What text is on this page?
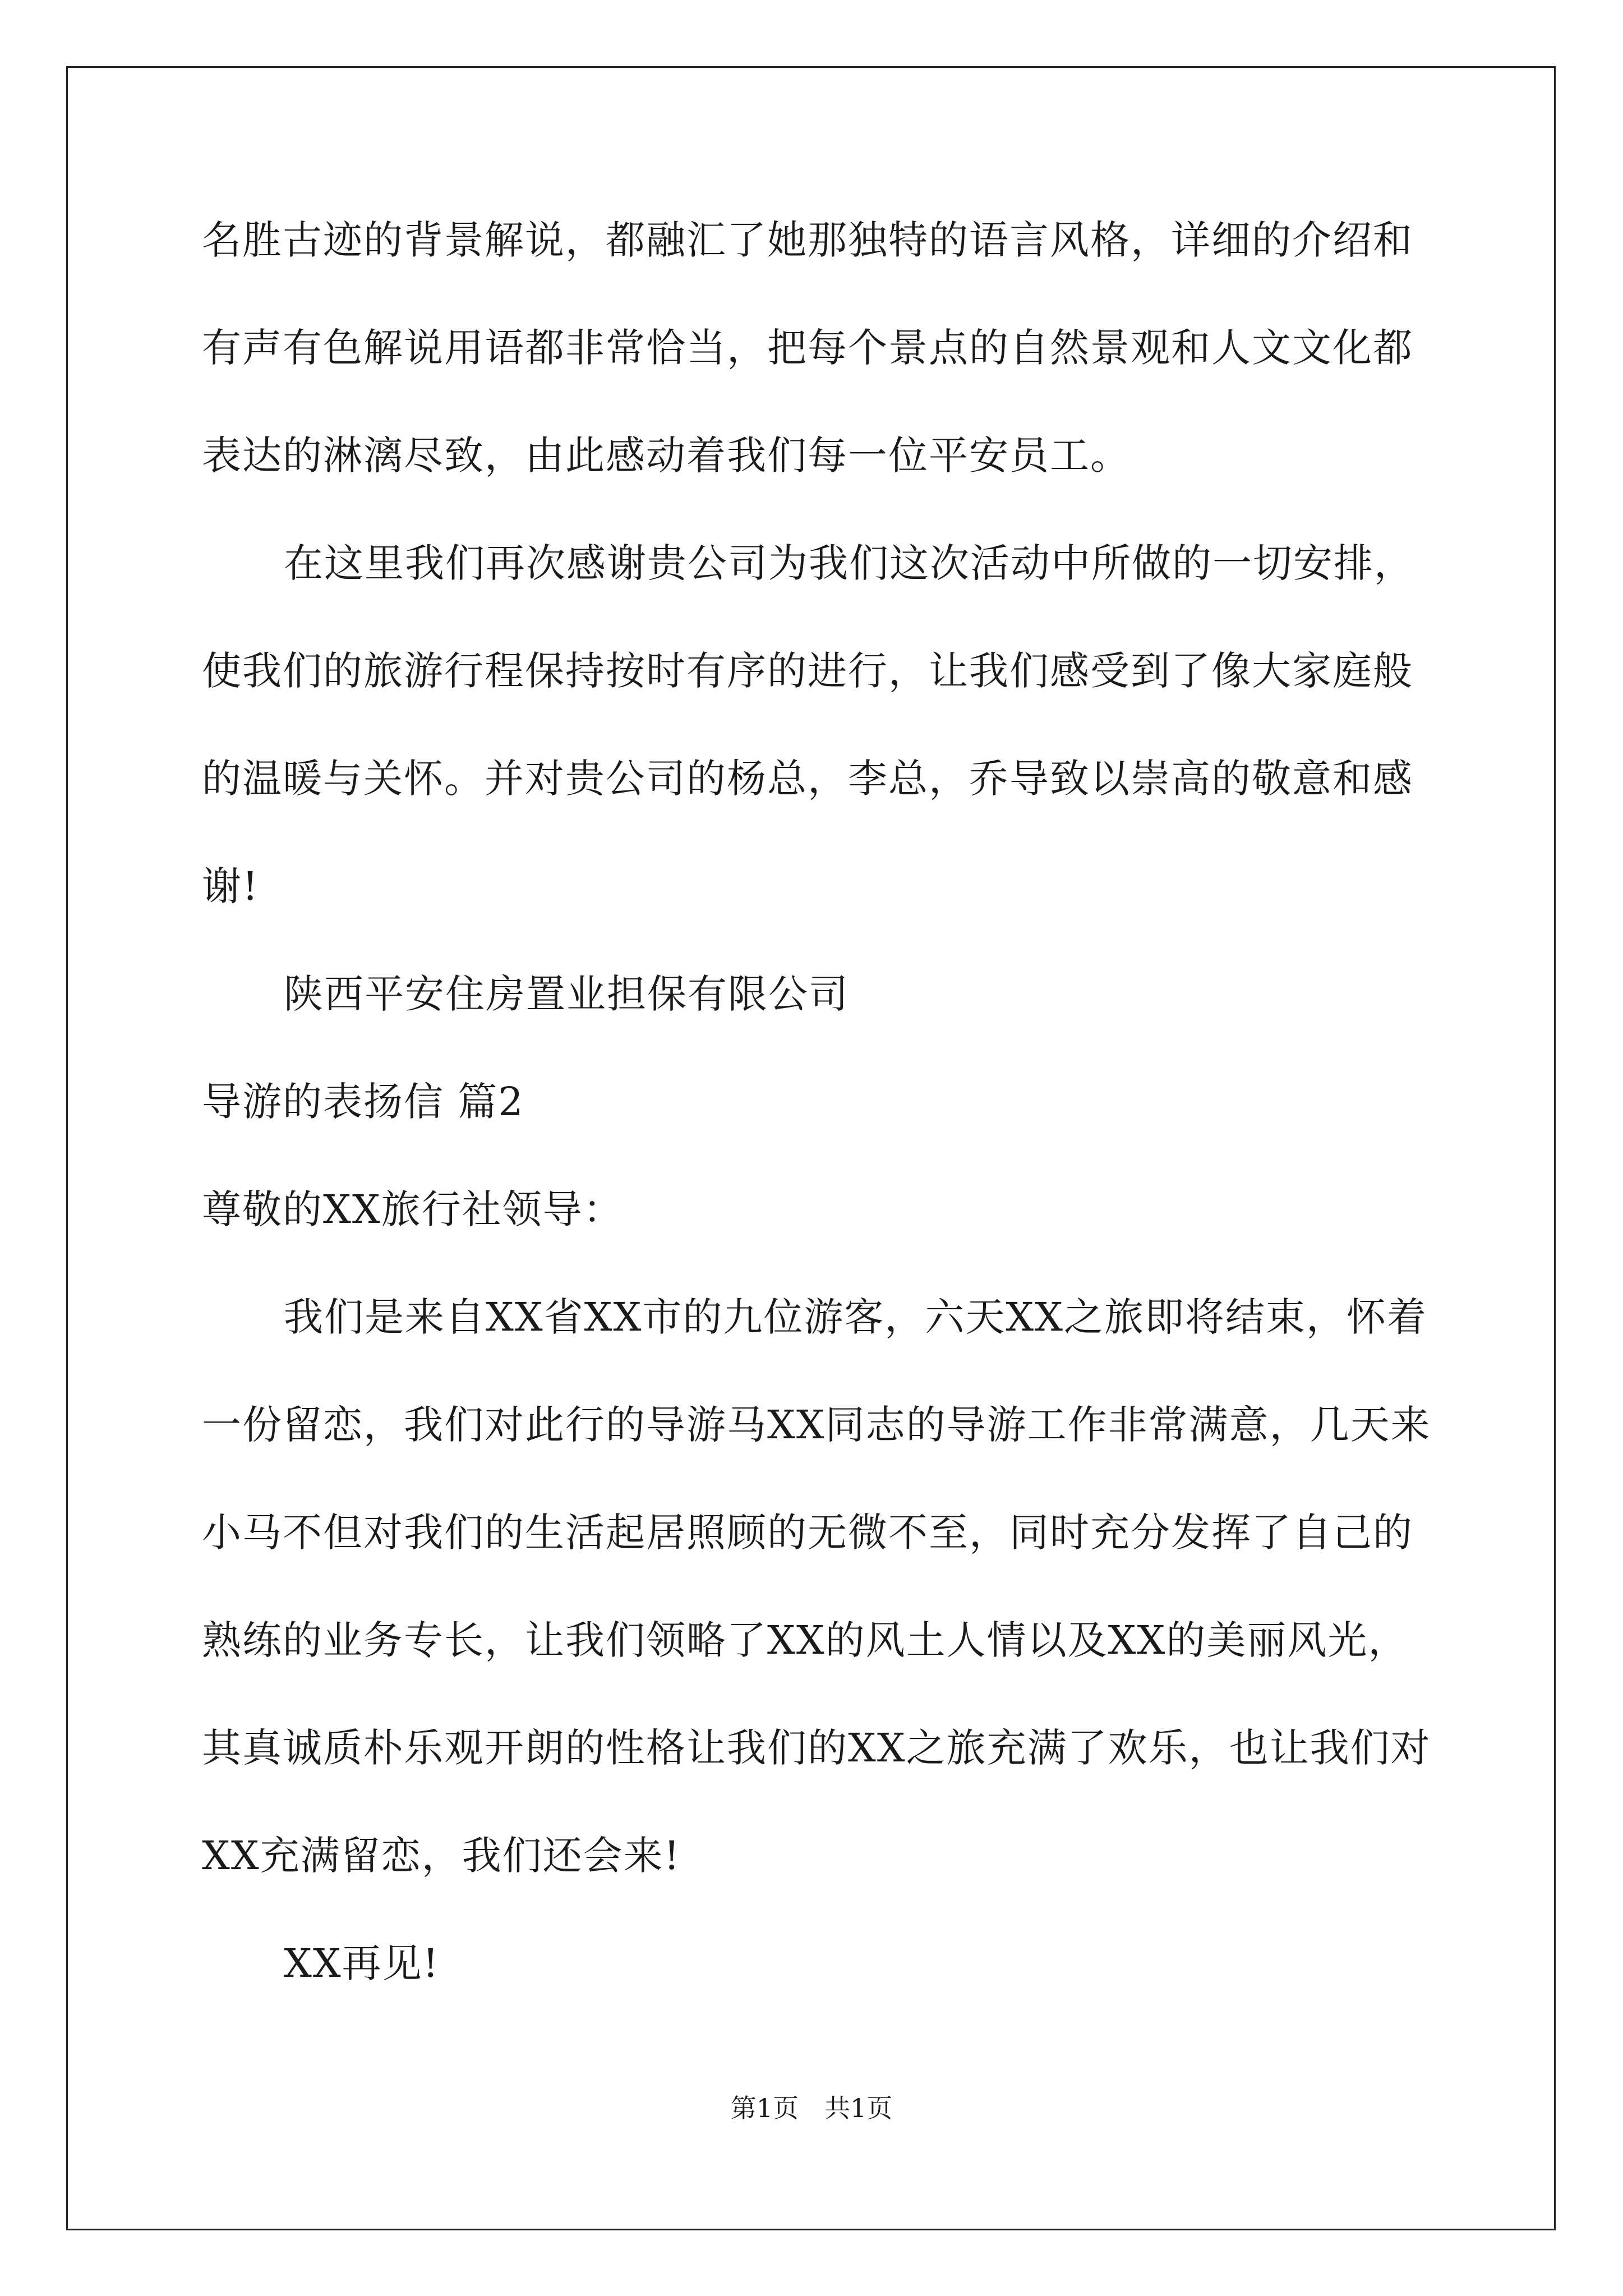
名胜古迹的背景解说，都融汇了她那独特的语言风格，详细的介绍和
有声有色解说用语都非常恰当，把每个景点的自然景观和人文文化都
表达的淋漓尽致，由此感动着我们每一位平安员工。
在这里我们再次感谢贵公司为我们这次活动中所做的一切安排，
使我们的旅游行程保持按时有序的进行，让我们感受到了像大家庭般
的温暖与关怀。并对贵公司的杨总，李总，乔导致以崇高的敬意和感
谢!
陕西平安住房置业担保有限公司
导游的表扬信 篇2
尊敬的XX旅行社领导：
我们是来自XX省XX市的九位游客，六天XX之旅即将结束，怀着
一份留恋，我们对此行的导游马XX同志的导游工作非常满意，几天来
小马不但对我们的生活起居照顾的无微不至，同时充分发挥了自己的
熟练的业务专长，让我们领略了XX的风土人情以及XX的美丽风光，
其真诚质朴乐观开朗的性格让我们的XX之旅充满了欢乐，也让我们对
XX充满留恋，我们还会来!
XX再见!
第1页 共1页
